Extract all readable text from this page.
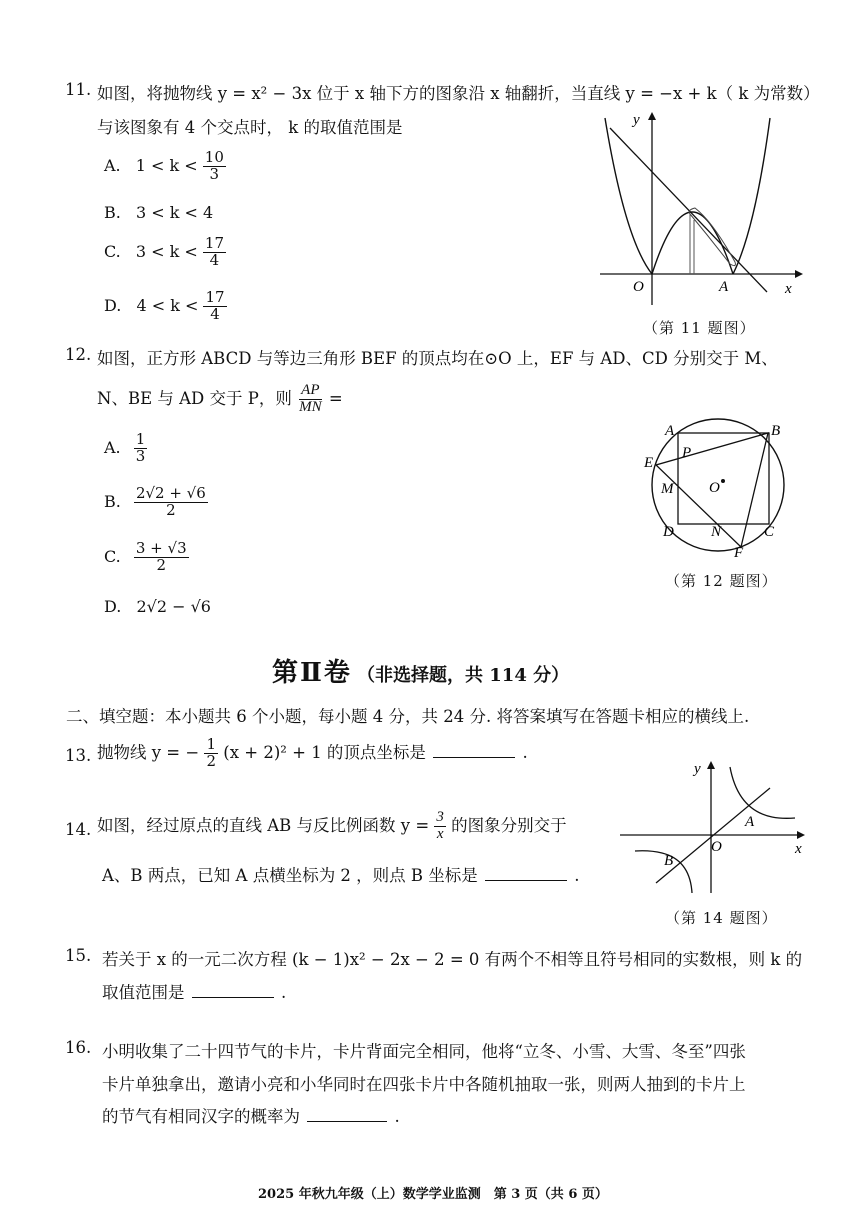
11. 如图，将抛物线 y = x² − 3x 位于 x 轴下方的图象沿 x 轴翻折，当直线 y = −x + k（ k 为常数）
与该图象有 4 个交点时， k 的取值范围是
A. $1 < k < \frac{10}{3}$
B. 3 < k < 4
C. $3 < k < \frac{17}{4}$
D. $4 < k < \frac{17}{4}$
y
x
O	A
（第 11 题图）
12. 如图，正方形 ABCD 与等边三角形 BEF 的顶点均在⊙O 上，EF 与 AD、CD 分别交于 M、
N、BE 与 AD 交于 P，则 $\frac{AP}{MN}$ =
A. $\frac{1}{3}$
B. $\frac{2√2 + √6}{2}$
C. $\frac{3 + √3}{2}$
D. 2√2 − √6
A	B
E
P
M O
D N	C
F
（第 12 题图）
第Ⅱ卷 （非选择题，共 114 分）
二、填空题：本小题共 6 个小题，每小题 4 分，共 24 分. 将答案填写在答题卡相应的横线上.
13. 抛物线 y = − $\frac{1}{2} (x + 2)^2 + 1$ 的顶点坐标是	.
14. 如图，经过原点的直线 AB 与反比例函数 $y = \frac{3}{x}$ 的图象分别交于
A、B 两点，已知 A 点横坐标为 2 ，则点 B 坐标是	.
y
x
O
A
B
（第 14 题图）
15. 若关于 x 的一元二次方程 (k − 1)x² − 2x − 2 = 0 有两个不相等且符号相同的实数根，则 k 的
取值范围是	.
16. 小明收集了二十四节气的卡片，卡片背面完全相同，他将“立冬、小雪、大雪、冬至”四张
卡片单独拿出，邀请小亮和小华同时在四张卡片中各随机抽取一张，则两人抽到的卡片上
的节气有相同汉字的概率为	.
2025 年秋九年级（上）数学学业监测　第 3 页（共 6 页）
